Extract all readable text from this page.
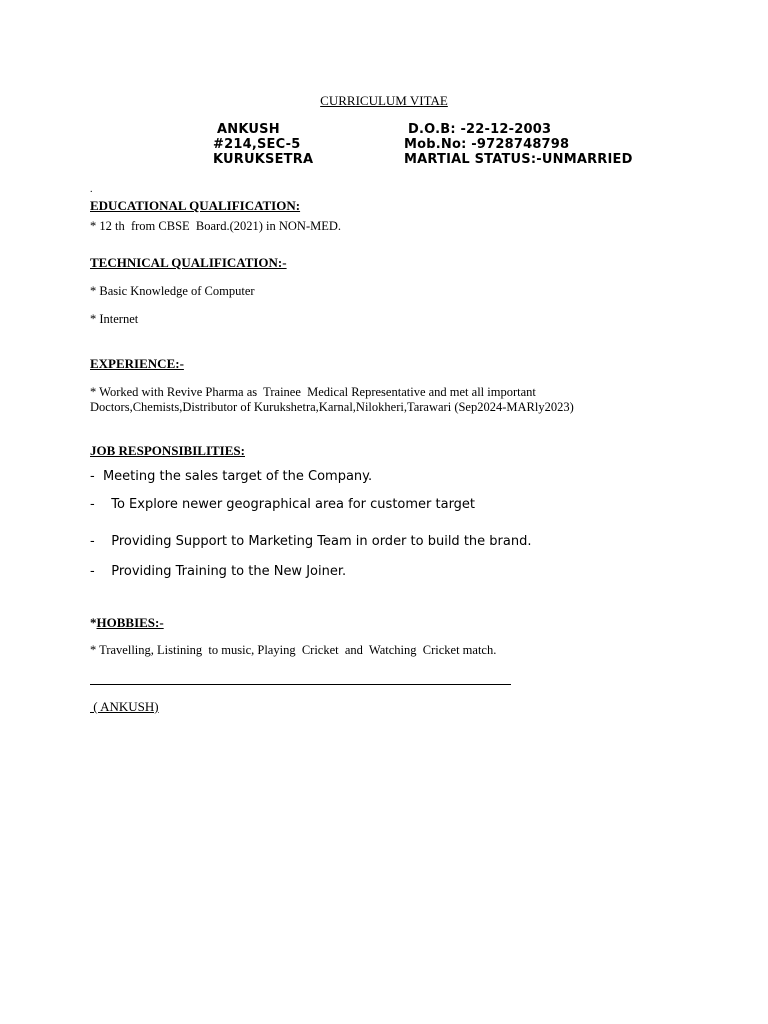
CURRICULUM VITAE
ANKUSH
#214,SEC-5
KURUKSETRA
D.O.B: -22-12-2003
Mob.No: -9728748798
MARTIAL STATUS:-UNMARRIED
.
EDUCATIONAL QUALIFICATION:
* 12 th  from CBSE  Board.(2021) in NON-MED.
TECHNICAL QUALIFICATION:-
* Basic Knowledge of Computer
* Internet
EXPERIENCE:-
* Worked with Revive Pharma as  Trainee  Medical Representative and met all important
Doctors,Chemists,Distributor of Kurukshetra,Karnal,Nilokheri,Tarawari (Sep2024-MARly2023)
JOB RESPONSIBILITIES:
-  Meeting the sales target of the Company.
-    To Explore newer geographical area for customer target
-    Providing Support to Marketing Team in order to build the brand.
-    Providing Training to the New Joiner.
*HOBBIES:-
* Travelling, Listining  to music, Playing  Cricket  and  Watching  Cricket match.
( ANKUSH)
